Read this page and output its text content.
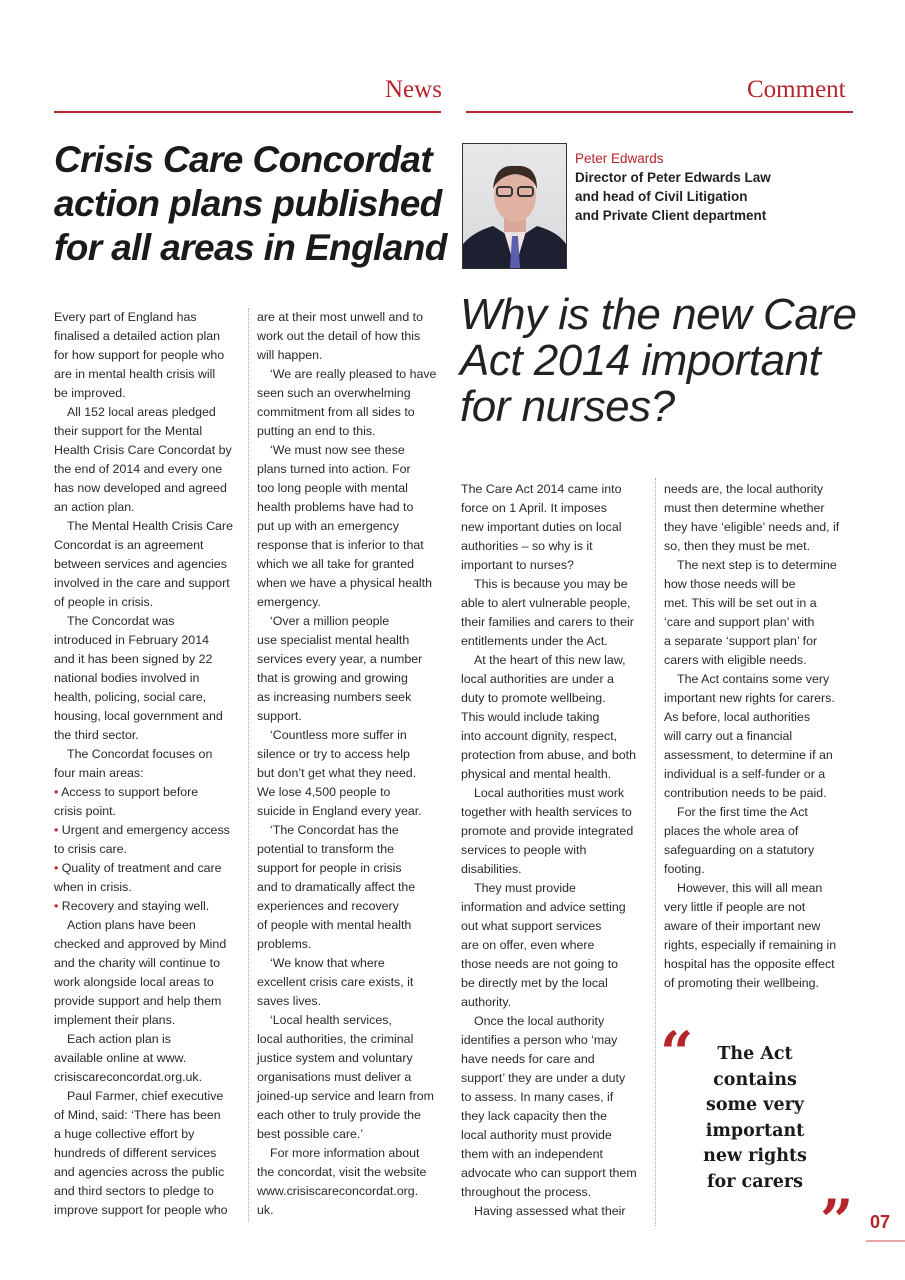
News	Comment
Crisis Care Concordat
action plans published
for all areas in England
Peter Edwards
Director of Peter Edwards Law
and head of Civil Litigation
and Private Client department
Why is the new Care
Act 2014 important
for nurses?
Every part of England has
finalised a detailed action plan
for how support for people who
are in mental health crisis will
be improved.
All 152 local areas pledged
their support for the Mental
Health Crisis Care Concordat by
the end of 2014 and every one
has now developed and agreed
an action plan.
The Mental Health Crisis Care
Concordat is an agreement
between services and agencies
involved in the care and support
of people in crisis.
The Concordat was
introduced in February 2014
and it has been signed by 22
national bodies involved in
health, policing, social care,
housing, local government and
the third sector.
The Concordat focuses on
four main areas:
• Access to support before
crisis point.
• Urgent and emergency access
to crisis care.
• Quality of treatment and care
when in crisis.
• Recovery and staying well.
Action plans have been
checked and approved by Mind
and the charity will continue to
work alongside local areas to
provide support and help them
implement their plans.
Each action plan is
available online at www.
crisiscareconcordat.org.uk.
Paul Farmer, chief executive
of Mind, said: ‘There has been
a huge collective effort by
hundreds of different services
and agencies across the public
and third sectors to pledge to
improve support for people who
are at their most unwell and to
work out the detail of how this
will happen.
‘We are really pleased to have
seen such an overwhelming
commitment from all sides to
putting an end to this.
‘We must now see these
plans turned into action. For
too long people with mental
health problems have had to
put up with an emergency
response that is inferior to that
which we all take for granted
when we have a physical health
emergency.
‘Over a million people
use specialist mental health
services every year, a number
that is growing and growing
as increasing numbers seek
support.
‘Countless more suffer in
silence or try to access help
but don’t get what they need.
We lose 4,500 people to
suicide in England every year.
‘The Concordat has the
potential to transform the
support for people in crisis
and to dramatically affect the
experiences and recovery
of people with mental health
problems.
‘We know that where
excellent crisis care exists, it
saves lives.
‘Local health services,
local authorities, the criminal
justice system and voluntary
organisations must deliver a
joined-up service and learn from
each other to truly provide the
best possible care.’
For more information about
the concordat, visit the website
www.crisiscareconcordat.org.
uk.
The Care Act 2014 came into
force on 1 April. It imposes
new important duties on local
authorities – so why is it
important to nurses?
This is because you may be
able to alert vulnerable people,
their families and carers to their
entitlements under the Act.
At the heart of this new law,
local authorities are under a
duty to promote wellbeing.
This would include taking
into account dignity, respect,
protection from abuse, and both
physical and mental health.
Local authorities must work
together with health services to
promote and provide integrated
services to people with
disabilities.
They must provide
information and advice setting
out what support services
are on offer, even where
those needs are not going to
be directly met by the local
authority.
Once the local authority
identifies a person who ‘may
have needs for care and
support’ they are under a duty
to assess. In many cases, if
they lack capacity then the
local authority must provide
them with an independent
advocate who can support them
throughout the process.
Having assessed what their
needs are, the local authority
must then determine whether
they have ‘eligible’ needs and, if
so, then they must be met.
The next step is to determine
how those needs will be
met. This will be set out in a
‘care and support plan’ with
a separate ‘support plan’ for
carers with eligible needs.
The Act contains some very
important new rights for carers.
As before, local authorities
will carry out a financial
assessment, to determine if an
individual is a self-funder or a
contribution needs to be paid.
For the first time the Act
places the whole area of
safeguarding on a statutory
footing.
However, this will all mean
very little if people are not
aware of their important new
rights, especially if remaining in
hospital has the opposite effect
of promoting their wellbeing.
“	The Act
contains
some very
important
new rights
for carers
” 07
